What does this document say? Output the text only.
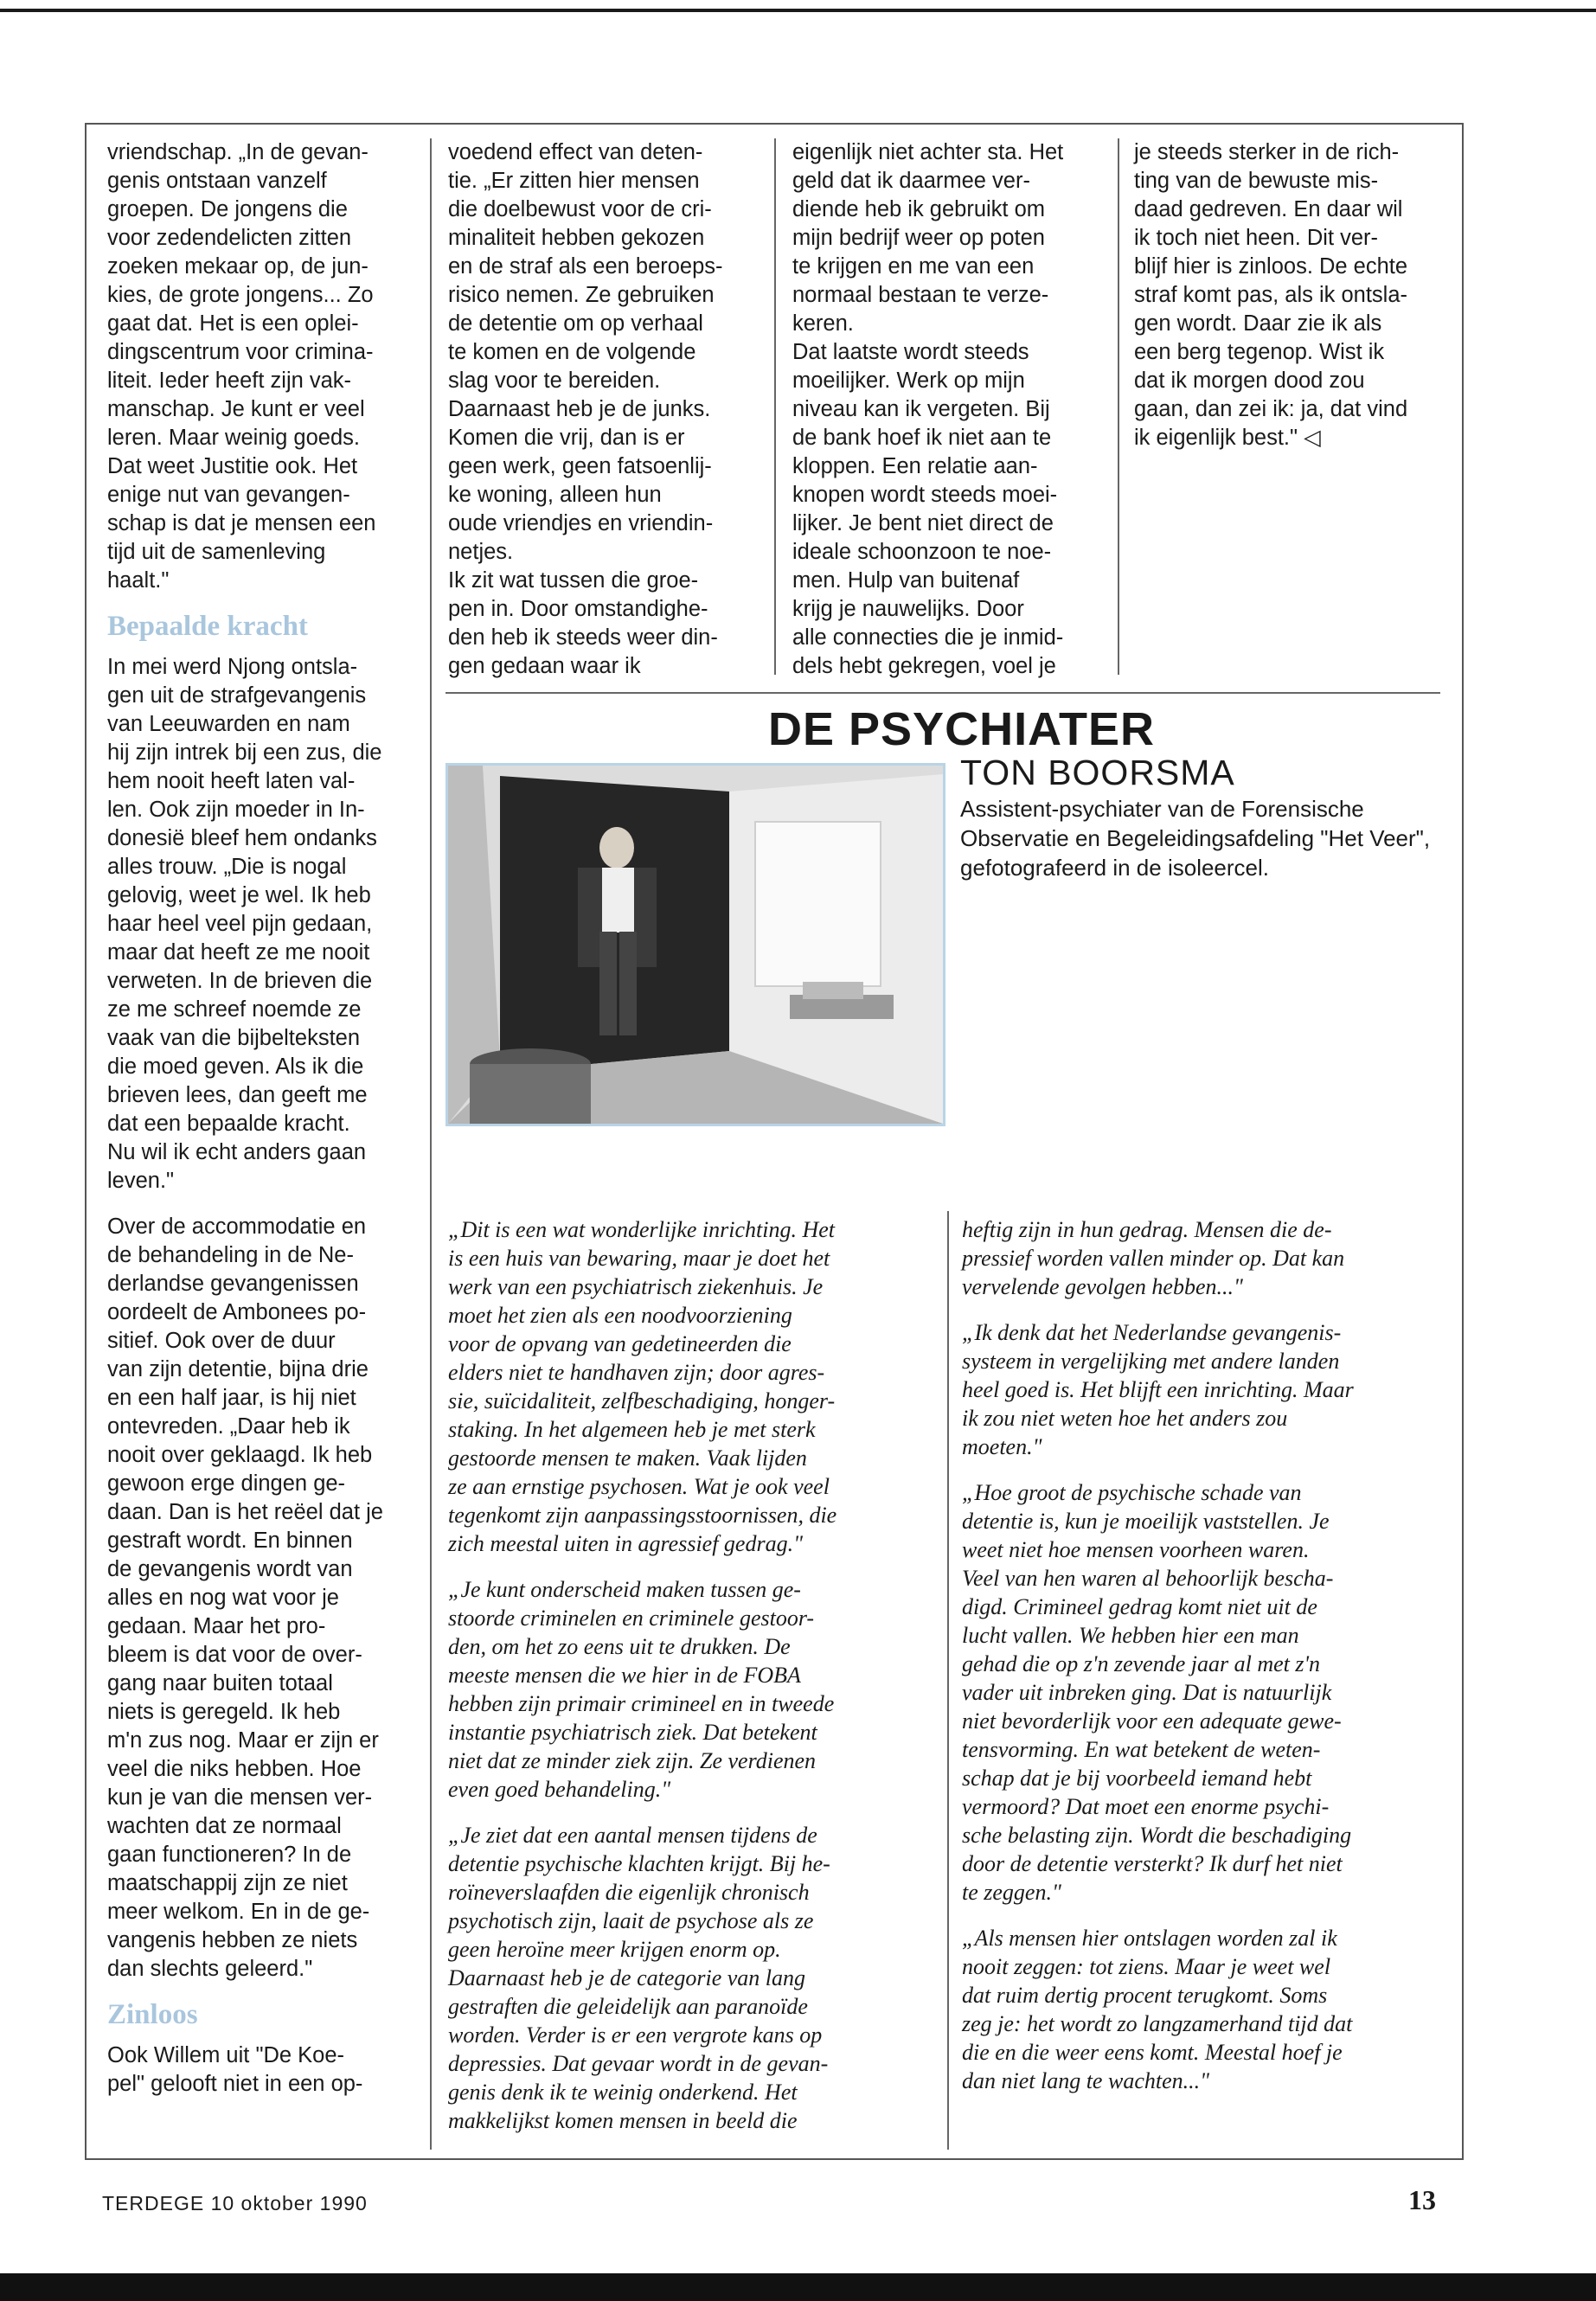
vriendschap. „In de gevan-
genis ontstaan vanzelf
groepen. De jongens die
voor zedendelicten zitten
zoeken mekaar op, de jun-
kies, de grote jongens... Zo
gaat dat. Het is een oplei-
dingscentrum voor crimina-
liteit. Ieder heeft zijn vak-
manschap. Je kunt er veel
leren. Maar weinig goeds.
Dat weet Justitie ook. Het
enige nut van gevangen-
schap is dat je mensen een
tijd uit de samenleving
haalt."

Bepaalde kracht

In mei werd Njong ontsla-
gen uit de strafgevangenis
van Leeuwarden en nam
hij zijn intrek bij een zus, die
hem nooit heeft laten val-
len. Ook zijn moeder in In-
donesië bleef hem ondanks
alles trouw. „Die is nogal
gelovig, weet je wel. Ik heb
haar heel veel pijn gedaan,
maar dat heeft ze me nooit
verweten. In de brieven die
ze me schreef noemde ze
vaak van die bijbelteksten
die moed geven. Als ik die
brieven lees, dan geeft me
dat een bepaalde kracht.
Nu wil ik echt anders gaan
leven."

Over de accommodatie en
de behandeling in de Ne-
derlandse gevangenissen
oordeelt de Ambonees po-
sitief. Ook over de duur
van zijn detentie, bijna drie
en een half jaar, is hij niet
ontevreden. „Daar heb ik
nooit over geklaagd. Ik heb
gewoon erge dingen ge-
daan. Dan is het reëel dat je
gestraft wordt. En binnen
de gevangenis wordt van
alles en nog wat voor je
gedaan. Maar het pro-
bleem is dat voor de over-
gang naar buiten totaal
niets is geregeld. Ik heb
m'n zus nog. Maar er zijn er
veel die niks hebben. Hoe
kun je van die mensen ver-
wachten dat ze normaal
gaan functioneren? In de
maatschappij zijn ze niet
meer welkom. En in de ge-
vangenis hebben ze niets
dan slechts geleerd."

Zinloos

Ook Willem uit "De Koe-
pel" gelooft niet in een op-

voedend effect van deten-
tie. „Er zitten hier mensen
die doelbewust voor de cri-
minaliteit hebben gekozen
en de straf als een beroeps-
risico nemen. Ze gebruiken
de detentie om op verhaal
te komen en de volgende
slag voor te bereiden.
Daarnaast heb je de junks.
Komen die vrij, dan is er
geen werk, geen fatsoenlij-
ke woning, alleen hun
oude vriendjes en vriendin-
netjes.
Ik zit wat tussen die groe-
pen in. Door omstandighe-
den heb ik steeds weer din-
gen gedaan waar ik

eigenlijk niet achter sta. Het
geld dat ik daarmee ver-
diende heb ik gebruikt om
mijn bedrijf weer op poten
te krijgen en me van een
normaal bestaan te verze-
keren.
Dat laatste wordt steeds
moeilijker. Werk op mijn
niveau kan ik vergeten. Bij
de bank hoef ik niet aan te
kloppen. Een relatie aan-
knopen wordt steeds moei-
lijker. Je bent niet direct de
ideale schoonzoon te noe-
men. Hulp van buitenaf
krijg je nauwelijks. Door
alle connecties die je inmid-
dels hebt gekregen, voel je

je steeds sterker in de rich-
ting van de bewuste mis-
daad gedreven. En daar wil
ik toch niet heen. Dit ver-
blijf hier is zinloos. De echte
straf komt pas, als ik ontsla-
gen wordt. Daar zie ik als
een berg tegenop. Wist ik
dat ik morgen dood zou
gaan, dan zei ik: ja, dat vind
ik eigenlijk best." ◁

DE PSYCHIATER
TON BOORSMA
Assistent-psychiater van de Forensische Observatie en Begeleidingsafdeling "Het Veer", gefotografeerd in de isoleercel.

„Dit is een wat wonderlijke inrichting. Het
is een huis van bewaring, maar je doet het
werk van een psychiatrisch ziekenhuis. Je
moet het zien als een noodvoorziening
voor de opvang van gedetineerden die
elders niet te handhaven zijn; door agres-
sie, suïcidaliteit, zelfbeschadiging, honger-
staking. In het algemeen heb je met sterk
gestoorde mensen te maken. Vaak lijden
ze aan ernstige psychosen. Wat je ook veel
tegenkomt zijn aanpassingsstoornissen, die
zich meestal uiten in agressief gedrag."

„Je kunt onderscheid maken tussen ge-
stoorde criminelen en criminele gestoor-
den, om het zo eens uit te drukken. De
meeste mensen die we hier in de FOBA
hebben zijn primair crimineel en in tweede
instantie psychiatrisch ziek. Dat betekent
niet dat ze minder ziek zijn. Ze verdienen
even goed behandeling."

„Je ziet dat een aantal mensen tijdens de
detentie psychische klachten krijgt. Bij he-
roïneverslaafden die eigenlijk chronisch
psychotisch zijn, laait de psychose als ze
geen heroïne meer krijgen enorm op.
Daarnaast heb je de categorie van lang
gestraften die geleidelijk aan paranoïde
worden. Verder is er een vergrote kans op
depressies. Dat gevaar wordt in de gevan-
genis denk ik te weinig onderkend. Het
makkelijkst komen mensen in beeld die

heftig zijn in hun gedrag. Mensen die de-
pressief worden vallen minder op. Dat kan
vervelende gevolgen hebben..."

„Ik denk dat het Nederlandse gevangenis-
systeem in vergelijking met andere landen
heel goed is. Het blijft een inrichting. Maar
ik zou niet weten hoe het anders zou
moeten."

„Hoe groot de psychische schade van
detentie is, kun je moeilijk vaststellen. Je
weet niet hoe mensen voorheen waren.
Veel van hen waren al behoorlijk bescha-
digd. Crimineel gedrag komt niet uit de
lucht vallen. We hebben hier een man
gehad die op z'n zevende jaar al met z'n
vader uit inbreken ging. Dat is natuurlijk
niet bevorderlijk voor een adequate gewe-
tensvorming. En wat betekent de weten-
schap dat je bij voorbeeld iemand hebt
vermoord? Dat moet een enorme psychi-
sche belasting zijn. Wordt die beschadiging
door de detentie versterkt? Ik durf het niet
te zeggen."

„Als mensen hier ontslagen worden zal ik
nooit zeggen: tot ziens. Maar je weet wel
dat ruim dertig procent terugkomt. Soms
zeg je: het wordt zo langzamerhand tijd dat
die en die weer eens komt. Meestal hoef je
dan niet lang te wachten..."

TERDEGE 10 oktober 1990	13
